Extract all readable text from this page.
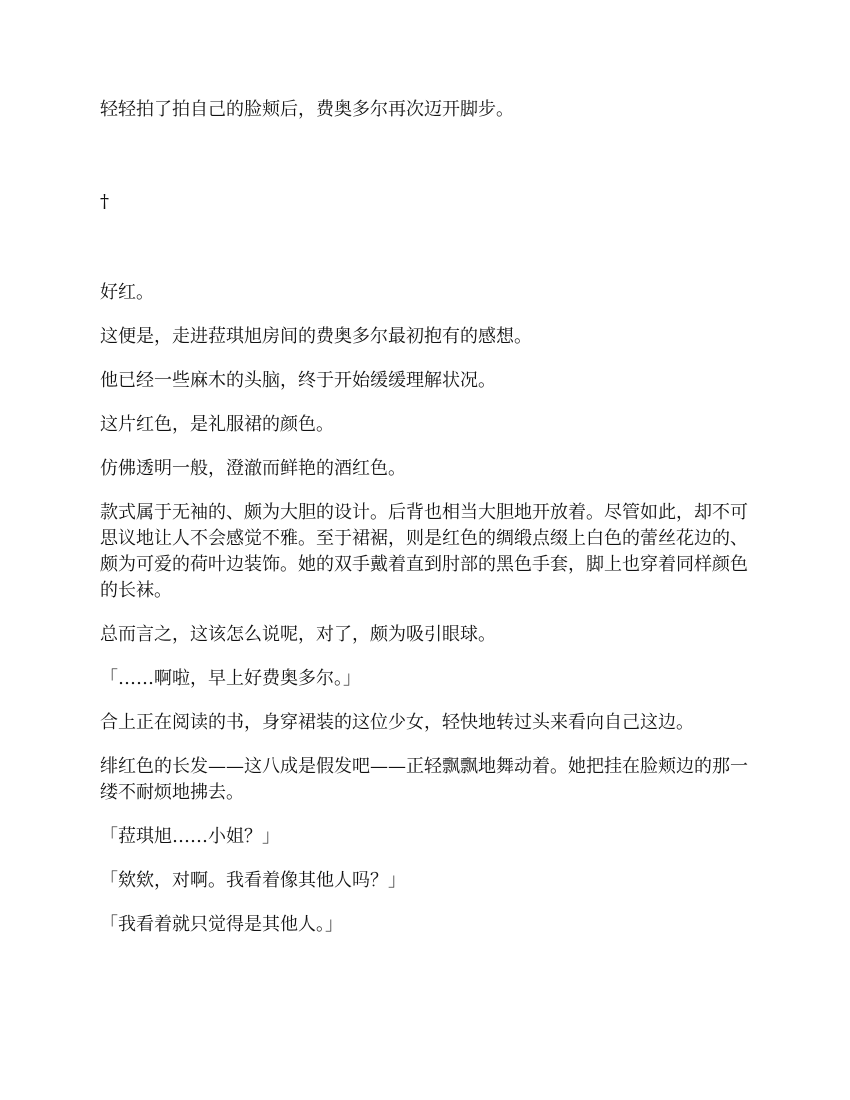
轻轻拍了拍自己的脸颊后，费奥多尔再次迈开脚步。

†

好红。

这便是，走进菈琪旭房间的费奥多尔最初抱有的感想。

他已经一些麻木的头脑，终于开始缓缓理解状况。

这片红色，是礼服裙的颜色。

仿佛透明一般，澄澈而鲜艳的酒红色。

款式属于无袖的、颇为大胆的设计。后背也相当大胆地开放着。尽管如此，却不可思议地让人不会感觉不雅。至于裙裾，则是红色的绸缎点缀上白色的蕾丝花边的、颇为可爱的荷叶边装饰。她的双手戴着直到肘部的黑色手套，脚上也穿着同样颜色的长袜。

总而言之，这该怎么说呢，对了，颇为吸引眼球。

「……啊啦，早上好费奥多尔。」

合上正在阅读的书，身穿裙装的这位少女，轻快地转过头来看向自己这边。

绯红色的长发——这八成是假发吧——正轻飘飘地舞动着。她把挂在脸颊边的那一缕不耐烦地拂去。

「菈琪旭……小姐？」

「欸欸，对啊。我看着像其他人吗？」

「我看着就只觉得是其他人。」
